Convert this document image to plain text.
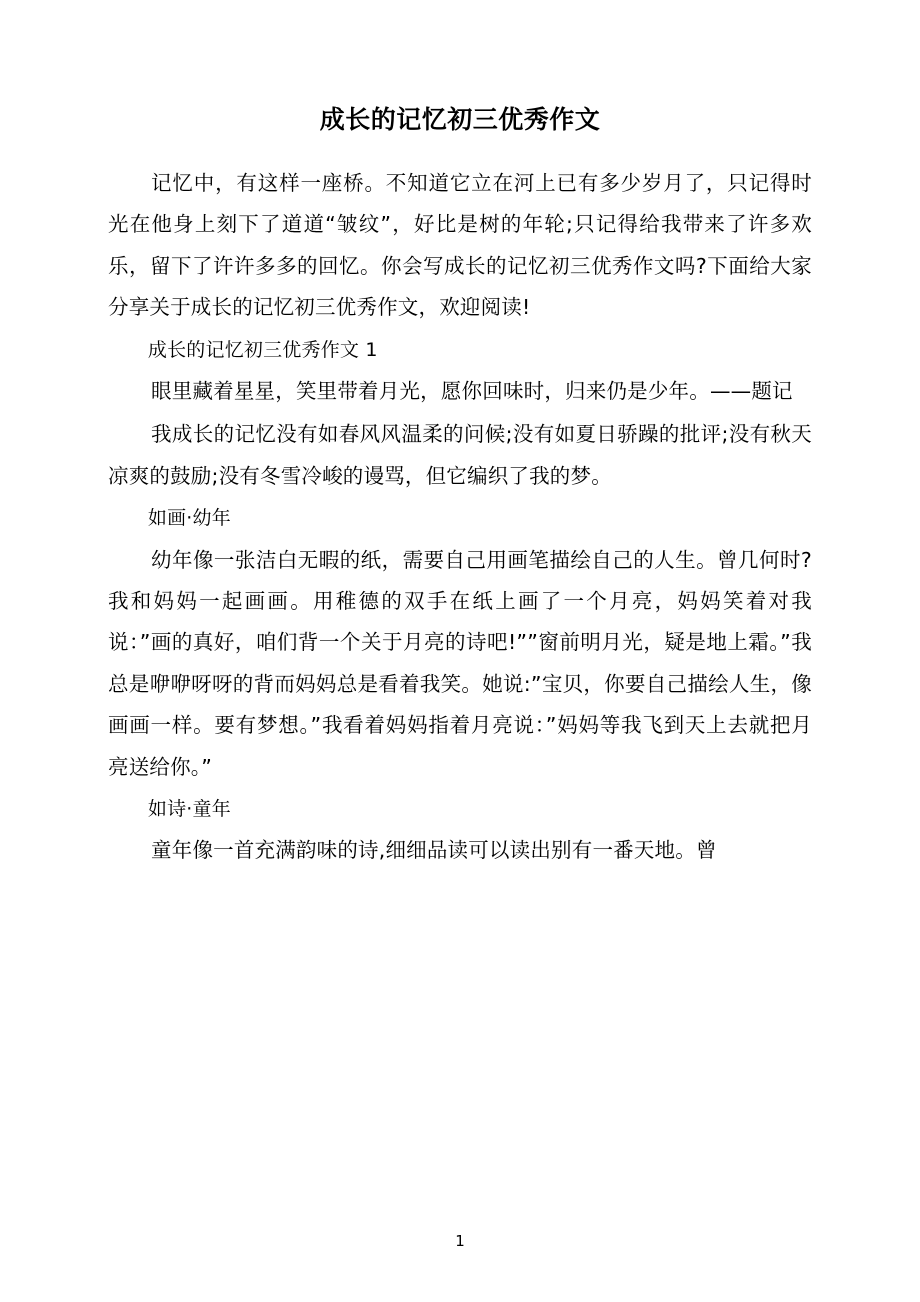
成长的记忆初三优秀作文

记忆中，有这样一座桥。不知道它立在河上已有多少岁月了，只记得时光在他身上刻下了道道“皱纹”，好比是树的年轮;只记得给我带来了许多欢乐，留下了许许多多的回忆。你会写成长的记忆初三优秀作文吗?下面给大家分享关于成长的记忆初三优秀作文，欢迎阅读!

成长的记忆初三优秀作文 1

眼里藏着星星，笑里带着月光，愿你回味时，归来仍是少年。——题记

我成长的记忆没有如春风风温柔的问候;没有如夏日骄躁的批评;没有秋天凉爽的鼓励;没有冬雪冷峻的谩骂，但它编织了我的梦。

如画·幼年

幼年像一张洁白无暇的纸，需要自己用画笔描绘自己的人生。曾几何时?我和妈妈一起画画。用稚德的双手在纸上画了一个月亮，妈妈笑着对我说：”画的真好，咱们背一个关于月亮的诗吧!””窗前明月光，疑是地上霜。”我总是咿咿呀呀的背而妈妈总是看着我笑。她说:”宝贝，你要自己描绘人生，像画画一样。要有梦想。”我看着妈妈指着月亮说：”妈妈等我飞到天上去就把月亮送给你。”

如诗·童年

童年像一首充满韵味的诗,细细品读可以读出别有一番天地。曾

1
